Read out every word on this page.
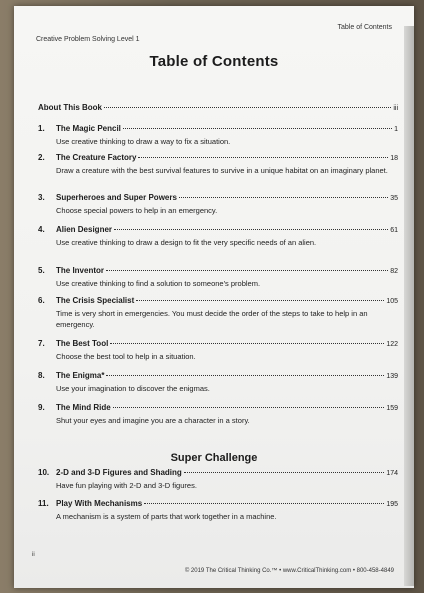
Creative Problem Solving Level 1
Table of Contents
Table of Contents
About This Book	iii
1.	The Magic Pencil	1
Use creative thinking to draw a way to fix a situation.
2.	The Creature Factory	18
Draw a creature with the best survival features to survive in a unique habitat on an imaginary planet.
3.	Superheroes and Super Powers	35
Choose special powers to help in an emergency.
4.	Alien Designer	61
Use creative thinking to draw a design to fit the very specific needs of an alien.
5.	The Inventor	82
Use creative thinking to find a solution to someone's problem.
6.	The Crisis Specialist	105
Time is very short in emergencies. You must decide the order of the steps to take to help in an emergency.
7.	The Best Tool	122
Choose the best tool to help in a situation.
8.	The Enigma*	139
Use your imagination to discover the enigmas.
9.	The Mind Ride	159
Shut your eyes and imagine you are a character in a story.
Super Challenge
10. 2-D and 3-D Figures and Shading	174
Have fun playing with 2-D and 3-D figures.
11. Play With Mechanisms	195
A mechanism is a system of parts that work together in a machine.
ii
© 2019 The Critical Thinking Co.™ • www.CriticalThinking.com • 800-458-4849
